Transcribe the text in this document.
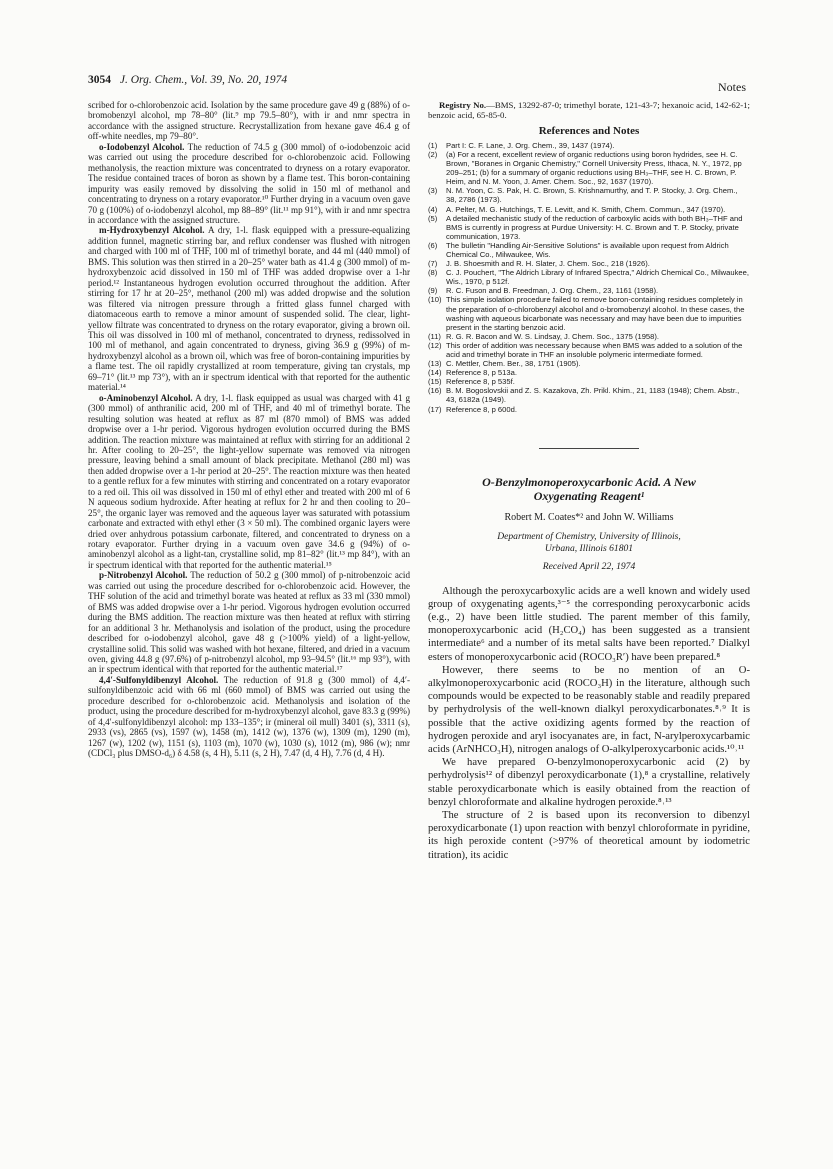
3054 J. Org. Chem., Vol. 39, No. 20, 1974	Notes

scribed for o-chlorobenzoic acid. Isolation by the same procedure gave 49 g (88%) of o-bromobenzyl alcohol, mp 78–80° (lit.⁹ mp 79.5–80°), with ir and nmr spectra in accordance with the assigned structure. Recrystallization from hexane gave 46.4 g of off-white needles, mp 79–80°.

o-Iodobenzyl Alcohol. The reduction of 74.5 g (300 mmol) of o-iodobenzoic acid was carried out using the procedure described for o-chlorobenzoic acid. Following methanolysis, the reaction mixture was concentrated to dryness on a rotary evaporator. The residue contained traces of boron as shown by a flame test. This boron-containing impurity was easily removed by dissolving the solid in 150 ml of methanol and concentrating to dryness on a rotary evaporator.¹⁰ Further drying in a vacuum oven gave 70 g (100%) of o-iodobenzyl alcohol, mp 88–89° (lit.¹¹ mp 91°), with ir and nmr spectra in accordance with the assigned structure.

m-Hydroxybenzyl Alcohol. A dry, 1-l. flask equipped with a pressure-equalizing addition funnel, magnetic stirring bar, and reflux condenser was flushed with nitrogen and charged with 100 ml of THF, 100 ml of trimethyl borate, and 44 ml (440 mmol) of BMS. This solution was then stirred in a 20–25° water bath as 41.4 g (300 mmol) of m-hydroxybenzoic acid dissolved in 150 ml of THF was added dropwise over a 1-hr period.¹² Instantaneous hydrogen evolution occurred throughout the addition. After stirring for 17 hr at 20–25°, methanol (200 ml) was added dropwise and the solution was filtered via nitrogen pressure through a fritted glass funnel charged with diatomaceous earth to remove a minor amount of suspended solid. The clear, light-yellow filtrate was concentrated to dryness on the rotary evaporator, giving a brown oil. This oil was dissolved in 100 ml of methanol, concentrated to dryness, redissolved in 100 ml of methanol, and again concentrated to dryness, giving 36.9 g (99%) of m-hydroxybenzyl alcohol as a brown oil, which was free of boron-containing impurities by a flame test. The oil rapidly crystallized at room temperature, giving tan crystals, mp 69–71° (lit.¹³ mp 73°), with an ir spectrum identical with that reported for the authentic material.¹⁴

o-Aminobenzyl Alcohol. A dry, 1-l. flask equipped as usual was charged with 41 g (300 mmol) of anthranilic acid, 200 ml of THF, and 40 ml of trimethyl borate. The resulting solution was heated at reflux as 87 ml (870 mmol) of BMS was added dropwise over a 1-hr period. Vigorous hydrogen evolution occurred during the BMS addition. The reaction mixture was maintained at reflux with stirring for an additional 2 hr. After cooling to 20–25°, the light-yellow supernate was removed via nitrogen pressure, leaving behind a small amount of black precipitate. Methanol (280 ml) was then added dropwise over a 1-hr period at 20–25°. The reaction mixture was then heated to a gentle reflux for a few minutes with stirring and concentrated on a rotary evaporator to a red oil. This oil was dissolved in 150 ml of ethyl ether and treated with 200 ml of 6 N aqueous sodium hydroxide. After heating at reflux for 2 hr and then cooling to 20–25°, the organic layer was removed and the aqueous layer was saturated with potassium carbonate and extracted with ethyl ether (3 × 50 ml). The combined organic layers were dried over anhydrous potassium carbonate, filtered, and concentrated to dryness on a rotary evaporator. Further drying in a vacuum oven gave 34.6 g (94%) of o-aminobenzyl alcohol as a light-tan, crystalline solid, mp 81–82° (lit.¹³ mp 84°), with an ir spectrum identical with that reported for the authentic material.¹⁵

p-Nitrobenzyl Alcohol. The reduction of 50.2 g (300 mmol) of p-nitrobenzoic acid was carried out using the procedure described for o-chlorobenzoic acid. However, the THF solution of the acid and trimethyl borate was heated at reflux as 33 ml (330 mmol) of BMS was added dropwise over a 1-hr period. Vigorous hydrogen evolution occurred during the BMS addition. The reaction mixture was then heated at reflux with stirring for an additional 3 hr. Methanolysis and isolation of the product, using the procedure described for o-iodobenzyl alcohol, gave 48 g (>100% yield) of a light-yellow, crystalline solid. This solid was washed with hot hexane, filtered, and dried in a vacuum oven, giving 44.8 g (97.6%) of p-nitrobenzyl alcohol, mp 93–94.5° (lit.¹⁶ mp 93°), with an ir spectrum identical with that reported for the authentic material.¹⁷

4,4′-Sulfonyldibenzyl Alcohol. The reduction of 91.8 g (300 mmol) of 4,4′-sulfonyldibenzoic acid with 66 ml (660 mmol) of BMS was carried out using the procedure described for o-chlorobenzoic acid. Methanolysis and isolation of the product, using the procedure described for m-hydroxybenzyl alcohol, gave 83.3 g (99%) of 4,4′-sulfonyldibenzyl alcohol: mp 133–135°; ir (mineral oil mull) 3401 (s), 3311 (s), 2933 (vs), 2865 (vs), 1597 (w), 1458 (m), 1412 (w), 1376 (w), 1309 (m), 1290 (m), 1267 (w), 1202 (w), 1151 (s), 1103 (m), 1070 (w), 1030 (s), 1012 (m), 986 (w); nmr (CDCl₃ plus DMSO-d₆) δ 4.58 (s, 4 H), 5.11 (s, 2 H), 7.47 (d, 4 H), 7.76 (d, 4 H).

Registry No.—BMS, 13292-87-0; trimethyl borate, 121-43-7; hexanoic acid, 142-62-1; benzoic acid, 65-85-0.

References and Notes
(1)	Part I: C. F. Lane, J. Org. Chem., 39, 1437 (1974).
(2)	(a) For a recent, excellent review of organic reductions using boron hydrides, see H. C. Brown, "Boranes in Organic Chemistry," Cornell University Press, Ithaca, N. Y., 1972, pp 209–251; (b) for a summary of organic reductions using BH₃–THF, see H. C. Brown, P. Heim, and N. M. Yoon, J. Amer. Chem. Soc., 92, 1637 (1970).
(3)	N. M. Yoon, C. S. Pak, H. C. Brown, S. Krishnamurthy, and T. P. Stocky, J. Org. Chem., 38, 2786 (1973).
(4)	A. Pelter, M. G. Hutchings, T. E. Levitt, and K. Smith, Chem. Commun., 347 (1970).
(5)	A detailed mechanistic study of the reduction of carboxylic acids with both BH₃–THF and BMS is currently in progress at Purdue University: H. C. Brown and T. P. Stocky, private communication, 1973.
(6)	The bulletin "Handling Air-Sensitive Solutions" is available upon request from Aldrich Chemical Co., Milwaukee, Wis.
(7)	J. B. Shoesmith and R. H. Slater, J. Chem. Soc., 218 (1926).
(8)	C. J. Pouchert, "The Aldrich Library of Infrared Spectra," Aldrich Chemical Co., Milwaukee, Wis., 1970, p 512f.
(9)	R. C. Fuson and B. Freedman, J. Org. Chem., 23, 1161 (1958).
(10) This simple isolation procedure failed to remove boron-containing residues completely in the preparation of o-chlorobenzyl alcohol and o-bromobenzyl alcohol. In these cases, the washing with aqueous bicarbonate was necessary and may have been due to impurities present in the starting benzoic acid.
(11) R. G. R. Bacon and W. S. Lindsay, J. Chem. Soc., 1375 (1958).
(12) This order of addition was necessary because when BMS was added to a solution of the acid and trimethyl borate in THF an insoluble polymeric intermediate formed.
(13) C. Mettler, Chem. Ber., 38, 1751 (1905).
(14) Reference 8, p 513a.
(15) Reference 8, p 535f.
(16) B. M. Bogoslovskii and Z. S. Kazakova, Zh. Prikl. Khim., 21, 1183 (1948); Chem. Abstr., 43, 6182a (1949).
(17) Reference 8, p 600d.
O-Benzylmonoperoxycarbonic Acid. A New
Oxygenating Reagent¹
Robert M. Coates*² and John W. Williams
Department of Chemistry, University of Illinois,
Urbana, Illinois 61801
Received April 22, 1974

Although the peroxycarboxylic acids are a well known and widely used group of oxygenating agents,³⁻⁵ the corresponding peroxycarbonic acids (e.g., 2) have been little studied. The parent member of this family, monoperoxycarbonic acid (H₂CO₄) has been suggested as a transient intermediate⁶ and a number of its metal salts have been reported.⁷ Dialkyl esters of monoperoxycarbonic acid (ROCO₃R′) have been prepared.⁸

However, there seems to be no mention of an O-alkylmonoperoxycarbonic acid (ROCO₃H) in the literature, although such compounds would be expected to be reasonably stable and readily prepared by perhydrolysis of the well-known dialkyl peroxydicarbonates.⁸˒⁹ It is possible that the active oxidizing agents formed by the reaction of hydrogen peroxide and aryl isocyanates are, in fact, N-arylperoxycarbamic acids (ArNHCO₃H), nitrogen analogs of O-alkylperoxycarbonic acids.¹⁰˒¹¹

We have prepared O-benzylmonoperoxycarbonic acid (2) by perhydrolysis¹² of dibenzyl peroxydicarbonate (1),⁸ a crystalline, relatively stable peroxydicarbonate which is easily obtained from the reaction of benzyl chloroformate and alkaline hydrogen peroxide.⁸˒¹³

The structure of 2 is based upon its reconversion to dibenzyl peroxydicarbonate (1) upon reaction with benzyl chloroformate in pyridine, its high peroxide content (>97% of theoretical amount by iodometric titration), its acidic
